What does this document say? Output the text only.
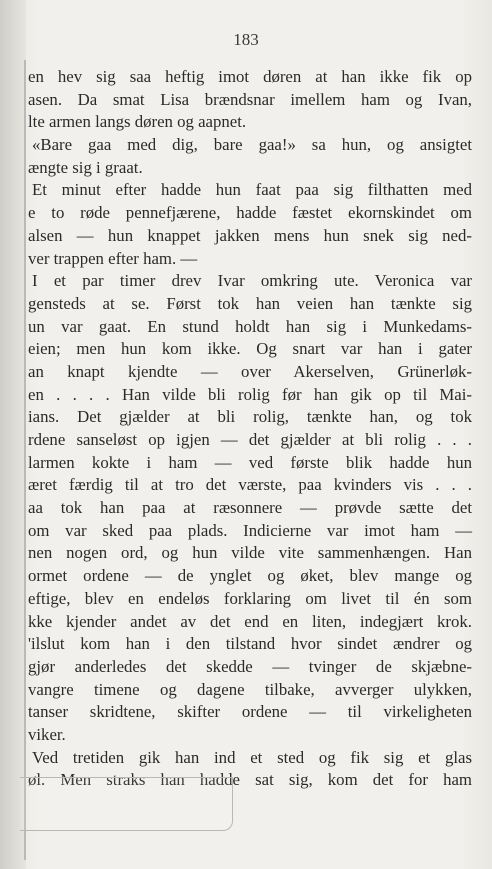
183
en hev sig saa heftig imot døren at han ikke fik op
asen. Da smat Lisa brændsnar imellem ham og Ivan,
lte armen langs døren og aapnet.
«Bare gaa med dig, bare gaa!» sa hun, og ansigtet
ængte sig i graat.
Et minut efter hadde hun faat paa sig filthatten med
e to røde pennefjærene, hadde fæstet ekornskindet om
alsen — hun knappet jakken mens hun snek sig ned-
ver trappen efter ham. —
I et par timer drev Ivar omkring ute. Veronica var
gensteds at se. Først tok han veien han tænkte sig
un var gaat. En stund holdt han sig i Munkedams-
eien; men hun kom ikke. Og snart var han i gater
an knapt kjendte — over Akerselven, Grünerløk-
en . . . . Han vilde bli rolig før han gik op til Mai-
ians. Det gjælder at bli rolig, tænkte han, og tok
rdene sanseløst op igjen — det gjælder at bli rolig . . .
larmen kokte i ham — ved første blik hadde hun
æret færdig til at tro det værste, paa kvinders vis . . .
aa tok han paa at ræsonnere — prøvde sætte det
om var sked paa plads. Indicierne var imot ham —
nen nogen ord, og hun vilde vite sammenhængen. Han
ormet ordene — de ynglet og øket, blev mange og
eftige, blev en endeløs forklaring om livet til én som
kke kjender andet av det end en liten, indegjært krok.
'ilslut kom han i den tilstand hvor sindet ændrer og
gjør anderledes det skedde — tvinger de skjæbne-
vangre timene og dagene tilbake, avverger ulykken,
tanser skridtene, skifter ordene — til virkeligheten
viker.
Ved tretiden gik han ind et sted og fik sig et glas
øl. Men straks han hadde sat sig, kom det for ham
